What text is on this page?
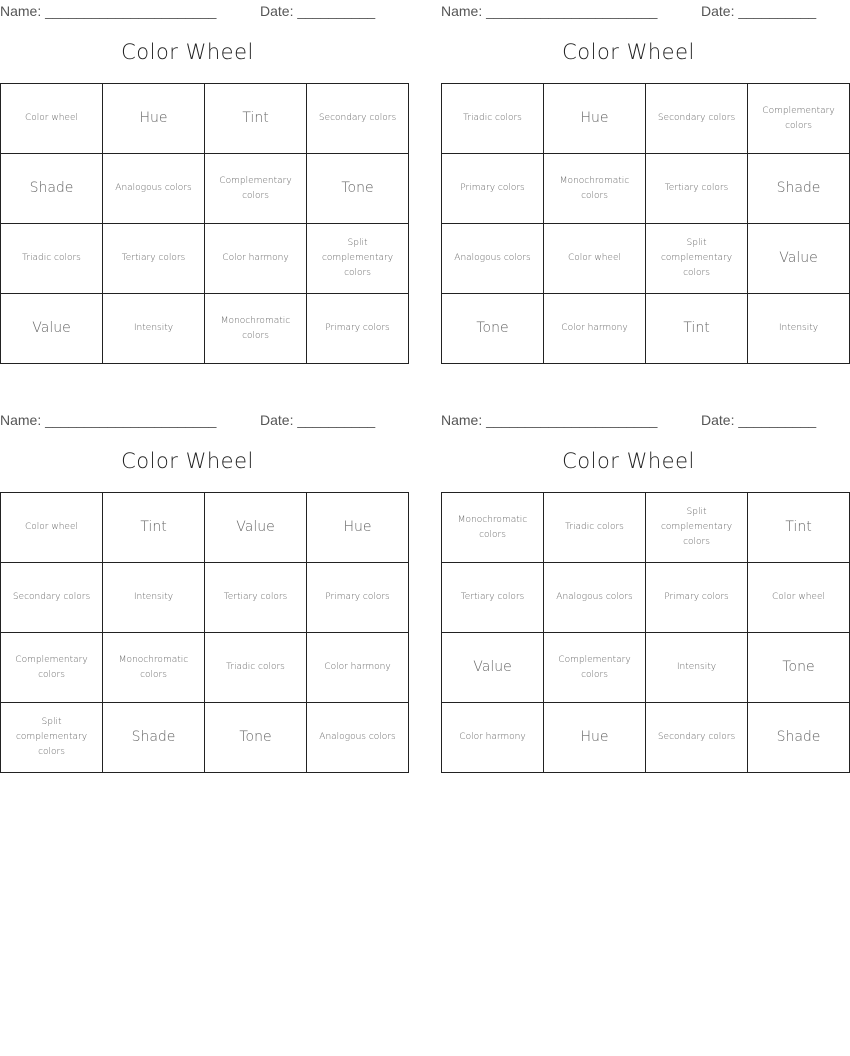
Name: ______________________	Date: __________
Color Wheel
Color wheel	Hue	Tint	Secondary colors
Shade	Analogous colors	Complementary colors	Tone
Triadic colors	Tertiary colors	Color harmony	Split complementary colors
Value	Intensity	Monochromatic colors	Primary colors
Name: ______________________	Date: __________
Color Wheel
Triadic colors	Hue	Secondary colors	Complementary colors
Primary colors	Monochromatic colors	Tertiary colors	Shade
Analogous colors	Color wheel	Split complementary colors	Value
Tone	Color harmony	Tint	Intensity
Name: ______________________	Date: __________
Color Wheel
Color wheel	Tint	Value	Hue
Secondary colors	Intensity	Tertiary colors	Primary colors
Complementary colors	Monochromatic colors	Triadic colors	Color harmony
Split complementary colors	Shade	Tone	Analogous colors
Name: ______________________	Date: __________
Color Wheel
Monochromatic colors	Triadic colors	Split complementary colors	Tint
Tertiary colors	Analogous colors	Primary colors	Color wheel
Value	Complementary colors	Intensity	Tone
Color harmony	Hue	Secondary colors	Shade
